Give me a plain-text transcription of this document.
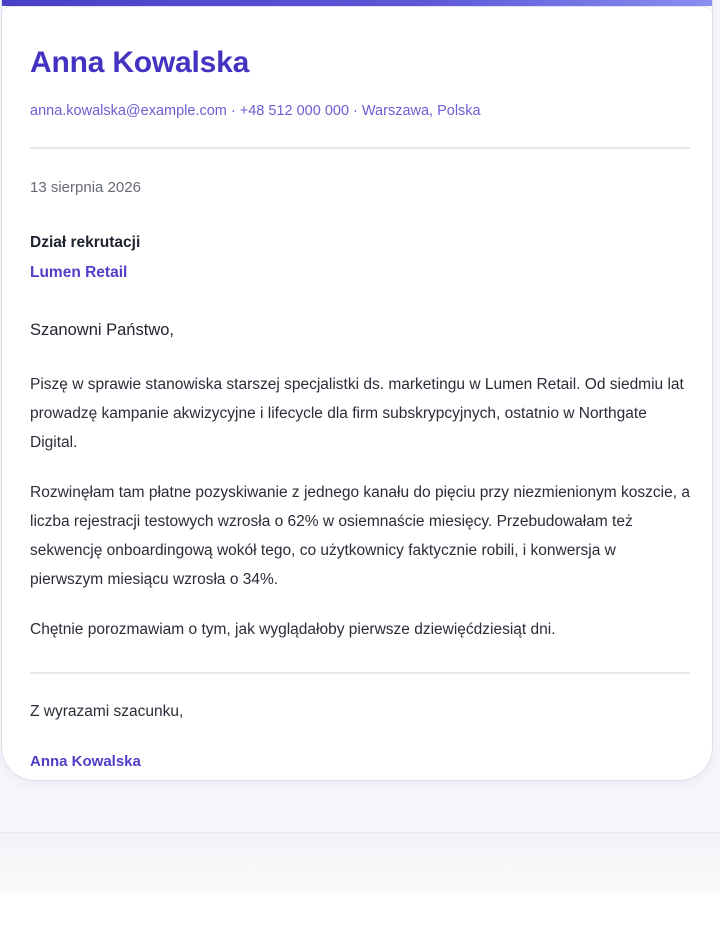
Anna Kowalska
anna.kowalska@example.com · +48 512 000 000 · Warszawa, Polska
13 sierpnia 2026
Dział rekrutacji
Lumen Retail
Szanowni Państwo,

Piszę w sprawie stanowiska starszej specjalistki ds. marketingu w Lumen Retail. Od siedmiu lat prowadzę kampanie akwizycyjne i lifecycle dla firm subskrypcyjnych, ostatnio w Northgate Digital.

Rozwinęłam tam płatne pozyskiwanie z jednego kanału do pięciu przy niezmienionym koszcie, a liczba rejestracji testowych wzrosła o 62% w osiemnaście miesięcy. Przebudowałam też sekwencję onboardingową wokół tego, co użytkownicy faktycznie robili, i konwersja w pierwszym miesiącu wzrosła o 34%.

Chętnie porozmawiam o tym, jak wyglądałoby pierwsze dziewięćdziesiąt dni.

Z wyrazami szacunku,
Anna Kowalska
